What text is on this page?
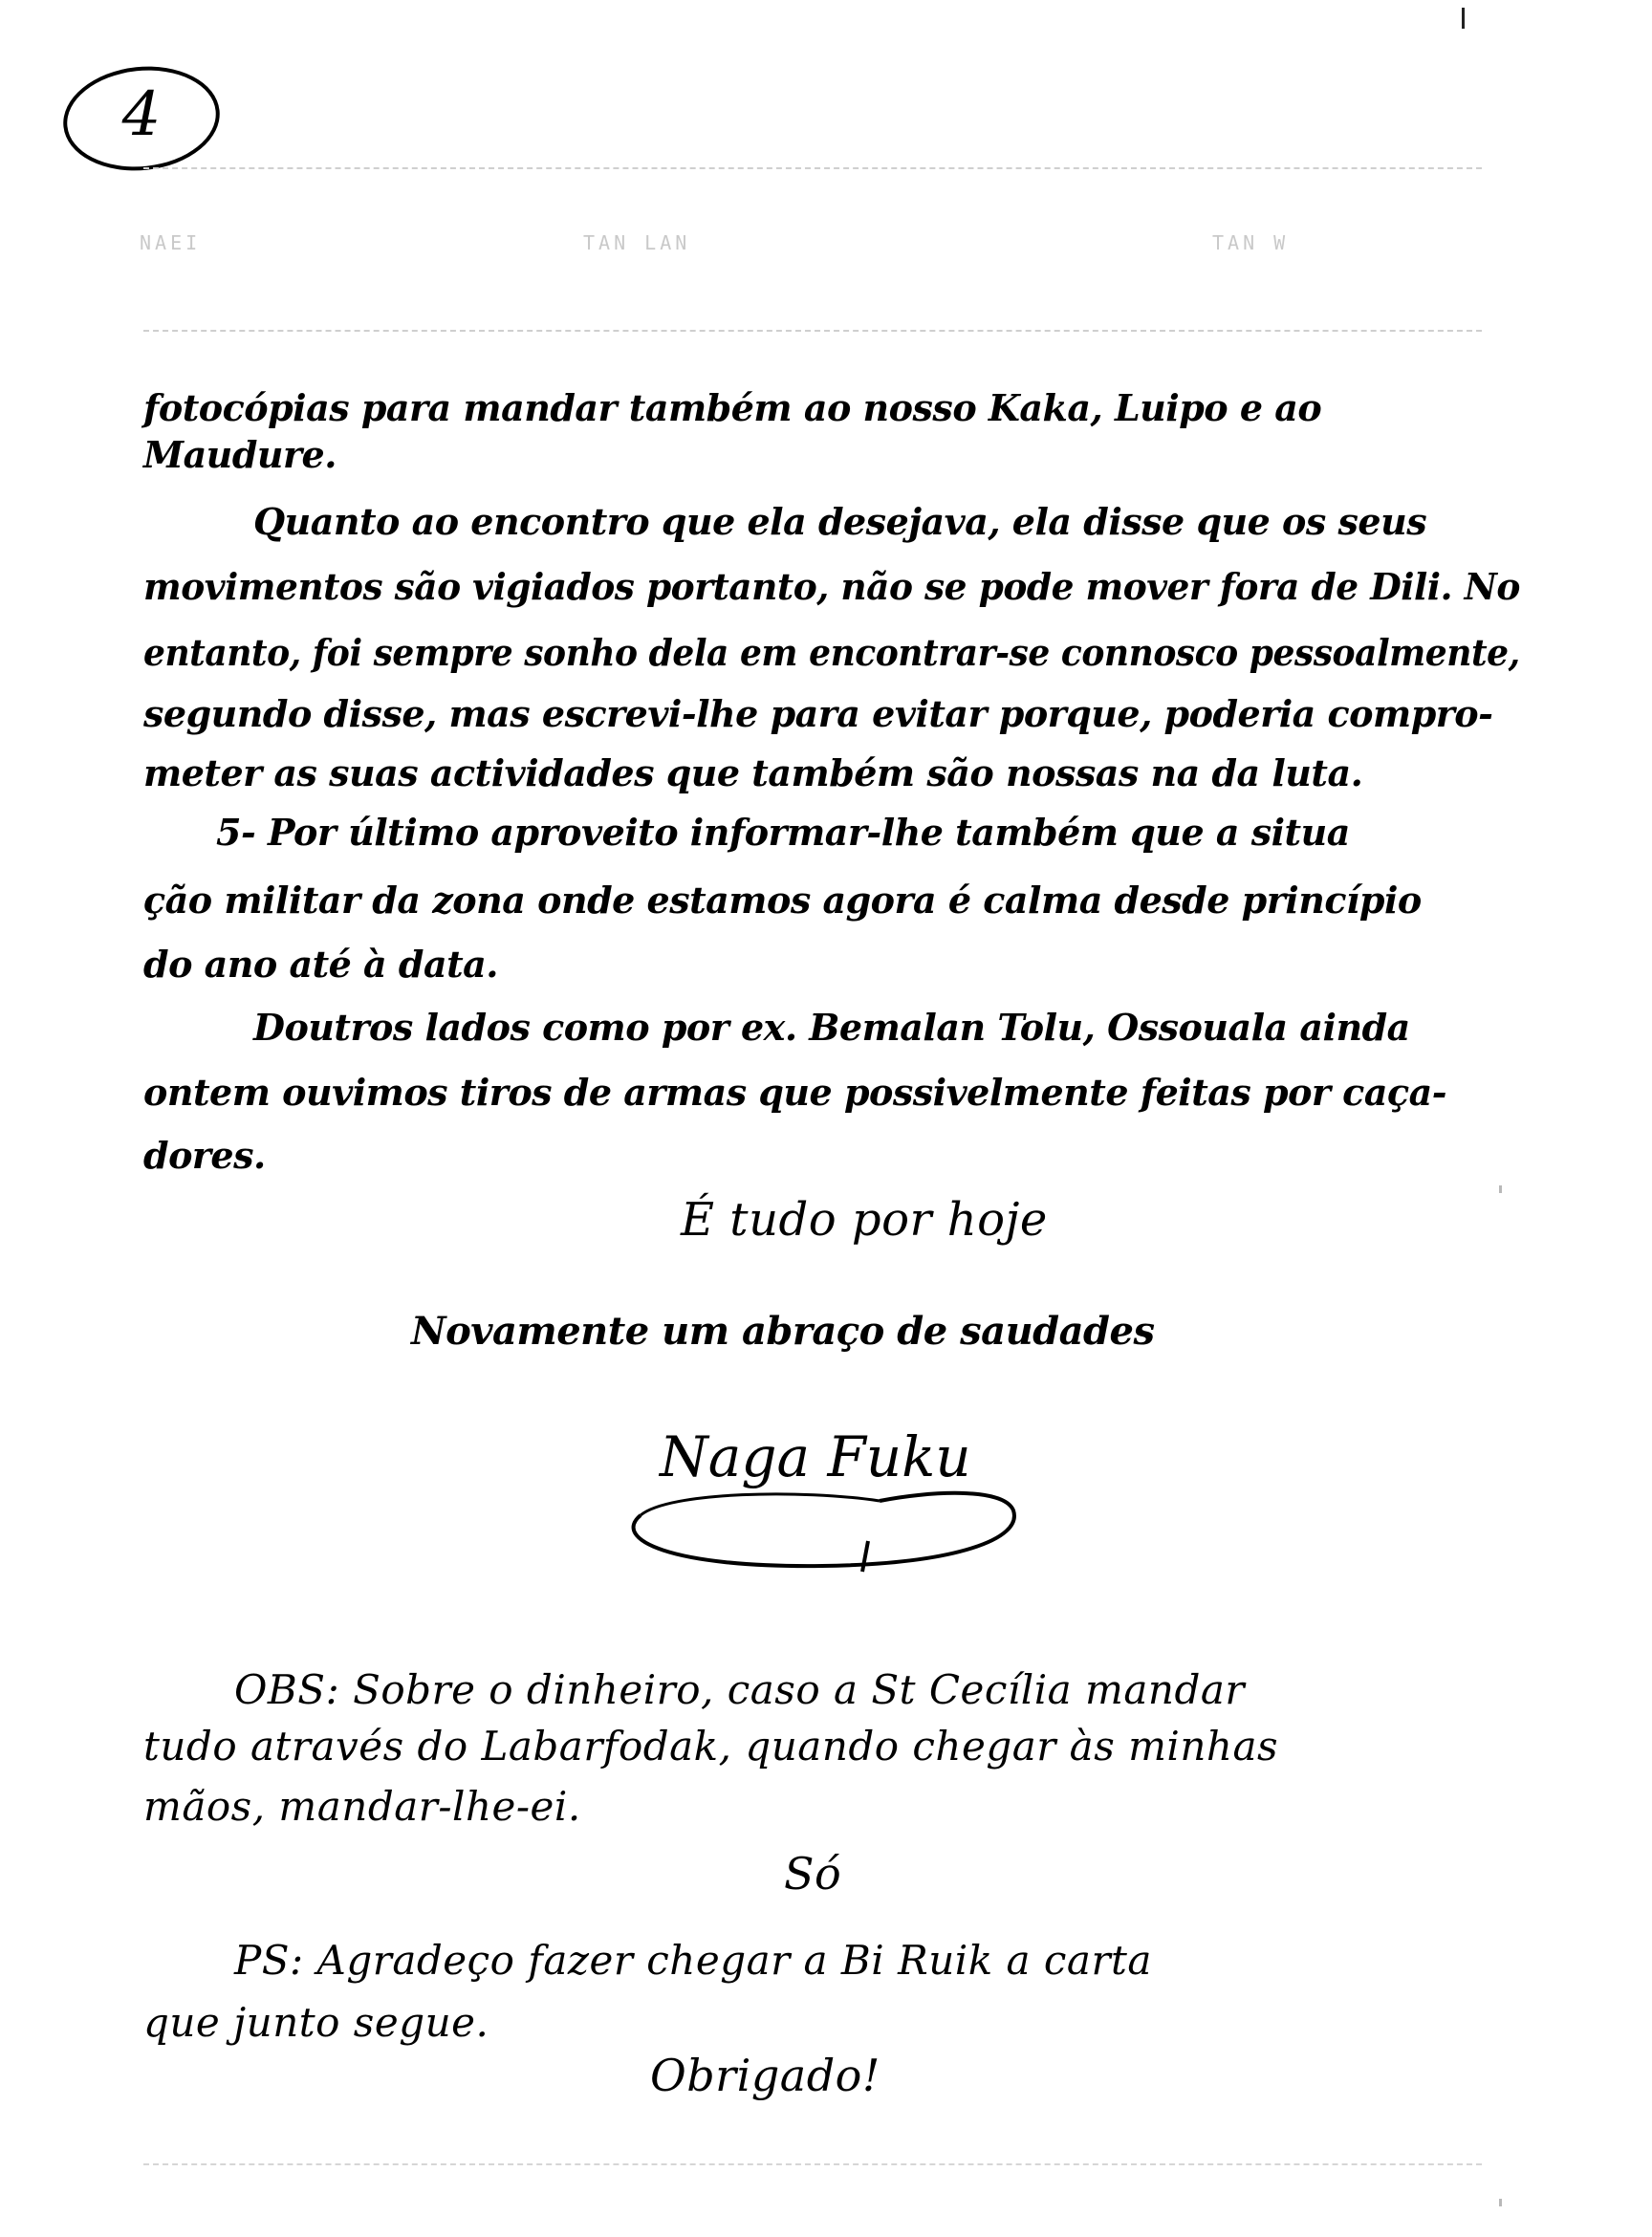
4
NAEI	TAN LAN	TAN W
fotocópias para mandar também ao nosso Kaka, Luipo e ao
Maudure.
Quanto ao encontro que ela desejava, ela disse que os seus
movimentos são vigiados portanto, não se pode mover fora de Dili. No
entanto, foi sempre sonho dela em encontrar-se connosco pessoalmente,
segundo disse, mas escrevi-lhe para evitar porque, poderia compro-
meter as suas actividades que também são nossas na da luta.
5- Por último aproveito informar-lhe também que a situa
ção militar da zona onde estamos agora é calma desde princípio
do ano até à data.
Doutros lados como por ex. Bemalan Tolu, Ossouala ainda
ontem ouvimos tiros de armas que possivelmente feitas por caça-
dores.
É tudo por hoje
Novamente um abraço de saudades
Naga Fuku
OBS: Sobre o dinheiro, caso a St Cecília mandar
tudo através do Labarfodak, quando chegar às minhas
mãos, mandar-lhe-ei.
Só
PS: Agradeço fazer chegar a Bi Ruik a carta
que junto segue.
Obrigado!
